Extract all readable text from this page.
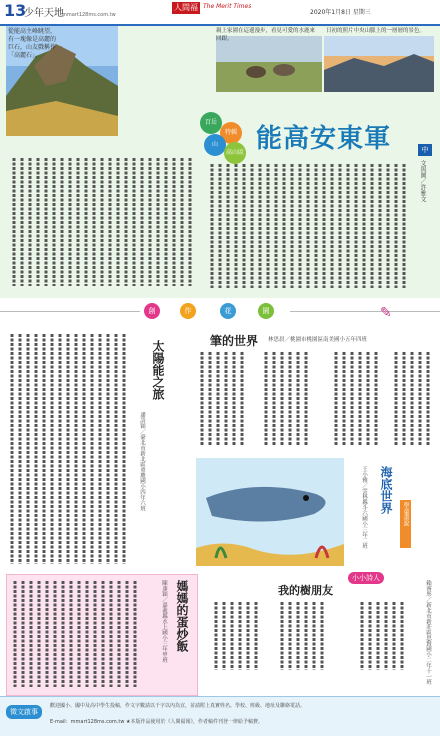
13
少年天地
mmart128ms.com.tw
人間福報
The Merit Times
2020年1月8日 星期三
從能高主峰眺望，有一塊像是高麗的巨石，山友戲稱作「高麗石」。
親上家園在這邊漫步，看見可愛的水鹿來回跟。
日初的照片中央山脈上的一層層的景色。
百岳
特輯
山
高山區 能高安東軍	中
文與圖／許雅文
創	作	花	園	✎
筆的世界 林思晨／桃園市桃園區南美國小五年四班
太陽能之旅
潘詩穎／臺北市新北區重慶國小四年六班	海底世界
王小雅／雲林縣斗六國小三年二班	學童畫說
我的樹朋友
小小詩人
賴睿彤／新北市新莊區思賢國小二年十一班
媽媽的蛋炒飯
陳彥穎／嘉義縣水上國小三年甲班
徵文啟事
歡迎國小、國中及高中學生投稿，作文字數請以千字以內為宜，並請附上真實姓名、學校、班級、地址及聯絡電話。
E-mail：mmart128ms.com.tw ★本版作品使用於《人間福報》，作者稿件刊登一律給予稿費。
